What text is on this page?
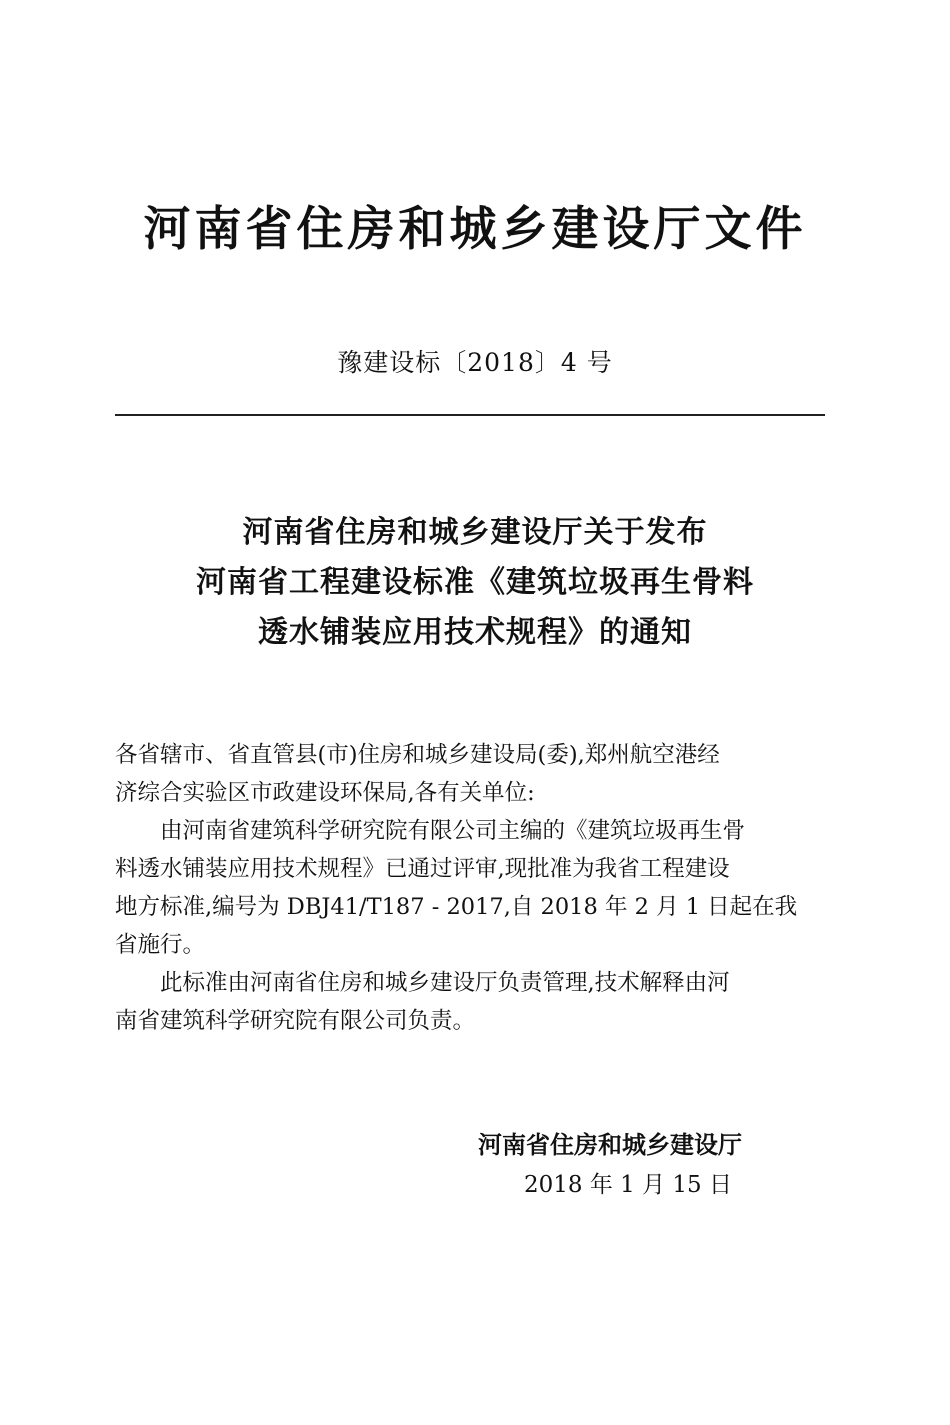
河南省住房和城乡建设厅文件
豫建设标〔2018〕4 号
河南省住房和城乡建设厅关于发布
河南省工程建设标准《建筑垃圾再生骨料
透水铺装应用技术规程》的通知
各省辖市、省直管县(市)住房和城乡建设局(委),郑州航空港经
济综合实验区市政建设环保局,各有关单位:
由河南省建筑科学研究院有限公司主编的《建筑垃圾再生骨
料透水铺装应用技术规程》已通过评审,现批准为我省工程建设
地方标准,编号为 DBJ41/T187 - 2017,自 2018 年 2 月 1 日起在我
省施行。
此标准由河南省住房和城乡建设厅负责管理,技术解释由河
南省建筑科学研究院有限公司负责。
河南省住房和城乡建设厅
2018 年 1 月 15 日
